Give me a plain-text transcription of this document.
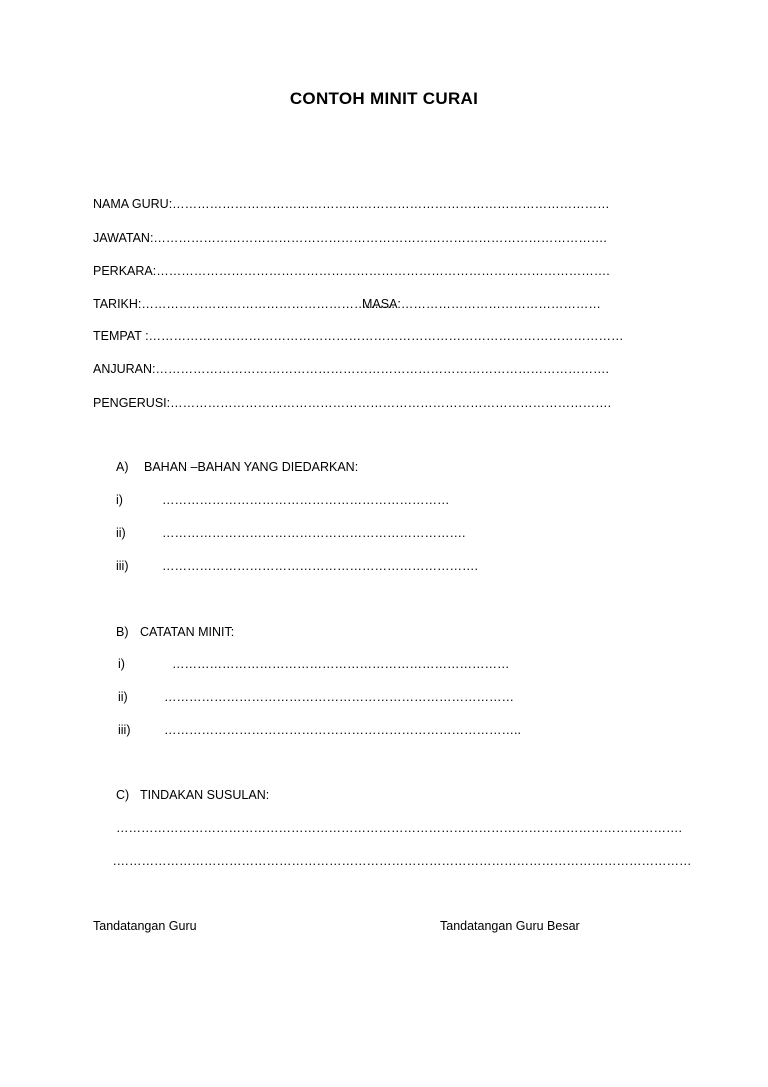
CONTOH MINIT CURAI
NAMA GURU:……………………………………………………………………………………………
JAWATAN:……………………………………………………………………………………………….
PERKARA:……………………………………………………………………………………………….
TARIKH:…………………………………………………….
MASA:…………………………………………
TEMPAT :……………………………………………………………………………………………………
ANJURAN:……………………………………………………………………………………………….
PENGERUSI:…………………………………………………………………………………………….
A) BAHAN –BAHAN YANG DIEDARKAN:
i)	……………………………………………………………
ii)	……………………………………………………………….
iii)	………………………………………………………………….
B) CATATAN MINIT:
i)	………………………………………………………………………
ii)	…………………………………………………………………………
iii)	…………………………………………………………………………..
C) TINDAKAN SUSULAN:
……………………………………………………………………………………………………………………….
.…………………………………………………………………………………………………………………………
Tandatangan Guru	Tandatangan Guru Besar
